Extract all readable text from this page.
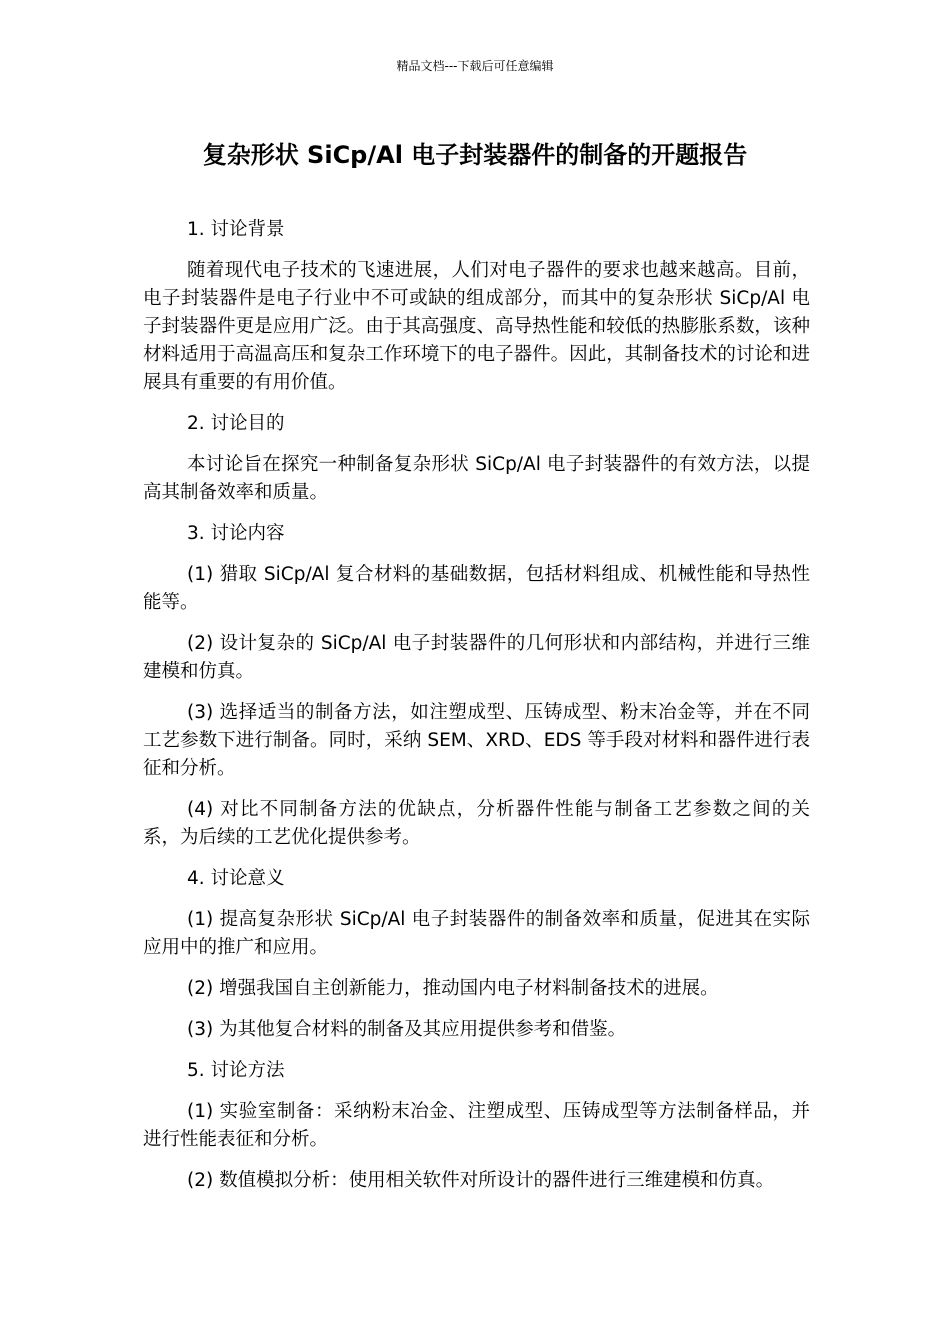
精品文档---下载后可任意编辑
复杂形状 SiCp/Al 电子封装器件的制备的开题报告

1. 讨论背景

随着现代电子技术的飞速进展，人们对电子器件的要求也越来越高。目前，电子封装器件是电子行业中不可或缺的组成部分，而其中的复杂形状 SiCp/Al 电子封装器件更是应用广泛。由于其高强度、高导热性能和较低的热膨胀系数，该种材料适用于高温高压和复杂工作环境下的电子器件。因此，其制备技术的讨论和进展具有重要的有用价值。

2. 讨论目的

本讨论旨在探究一种制备复杂形状 SiCp/Al 电子封装器件的有效方法，以提高其制备效率和质量。

3. 讨论内容

(1) 猎取 SiCp/Al 复合材料的基础数据，包括材料组成、机械性能和导热性能等。

(2) 设计复杂的 SiCp/Al 电子封装器件的几何形状和内部结构，并进行三维建模和仿真。

(3) 选择适当的制备方法，如注塑成型、压铸成型、粉末冶金等，并在不同工艺参数下进行制备。同时，采纳 SEM、XRD、EDS 等手段对材料和器件进行表征和分析。

(4) 对比不同制备方法的优缺点，分析器件性能与制备工艺参数之间的关系，为后续的工艺优化提供参考。

4. 讨论意义

(1) 提高复杂形状 SiCp/Al 电子封装器件的制备效率和质量，促进其在实际应用中的推广和应用。

(2) 增强我国自主创新能力，推动国内电子材料制备技术的进展。

(3) 为其他复合材料的制备及其应用提供参考和借鉴。

5. 讨论方法

(1) 实验室制备：采纳粉末冶金、注塑成型、压铸成型等方法制备样品，并进行性能表征和分析。

(2) 数值模拟分析：使用相关软件对所设计的器件进行三维建模和仿真。
